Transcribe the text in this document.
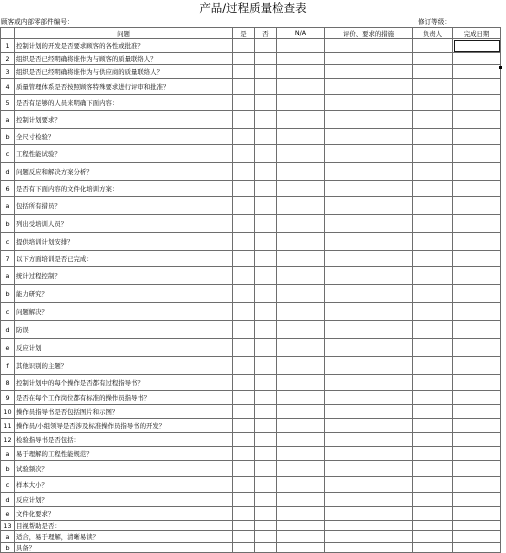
产品/过程质量检查表
顾客或内部零部件编号：	修订等级：
	问题	是	否	N/A	评价、要求的措施	负责人	完成日期
1	控制计划的开发是否要求顾客的各性或批准？						
2	组织是否已经明确将谁作为与顾客的质量联络人？						
3	组织是否已经明确将谁作为与供应商的质量联络人？						
4	质量管理体系是否按照顾客特殊要求进行评审和批准？						
5	是否有足够的人员来明确下面内容：						
a	控制计划要求？						
b	全尺寸检验？						
c	工程性能试验？						
d	问题反应和解决方案分析？						
6	是否有下面内容的文件化培训方案：						
a	包括所有措员？						
b	列出受培训人员？						
c	提供培训计划安排？						
7	以下方面培训是否已完成：						
a	统计过程控制？						
b	能力研究？						
c	问题解决？						
d	防误						
e	反应计划						
f	其他识别的主题？						
8	控制计划中的每个操作是否都有过程指导书？						
9	是否在每个工作岗位都有标准的操作员指导书？						
10	操作员指导书是否包括图片和示图？						
11	操作员/小组领导是否涉及标准操作员指导书的开发？						
12	检验指导书是否包括：						
a	易于理解的工程性能规范？						
b	试验频次？						
c	样本大小？						
d	反应计划？						
e	文件化要求？						
13	目视帮助是否：						
a	适合，易于理解，清晰易读？						
b	具备？						
